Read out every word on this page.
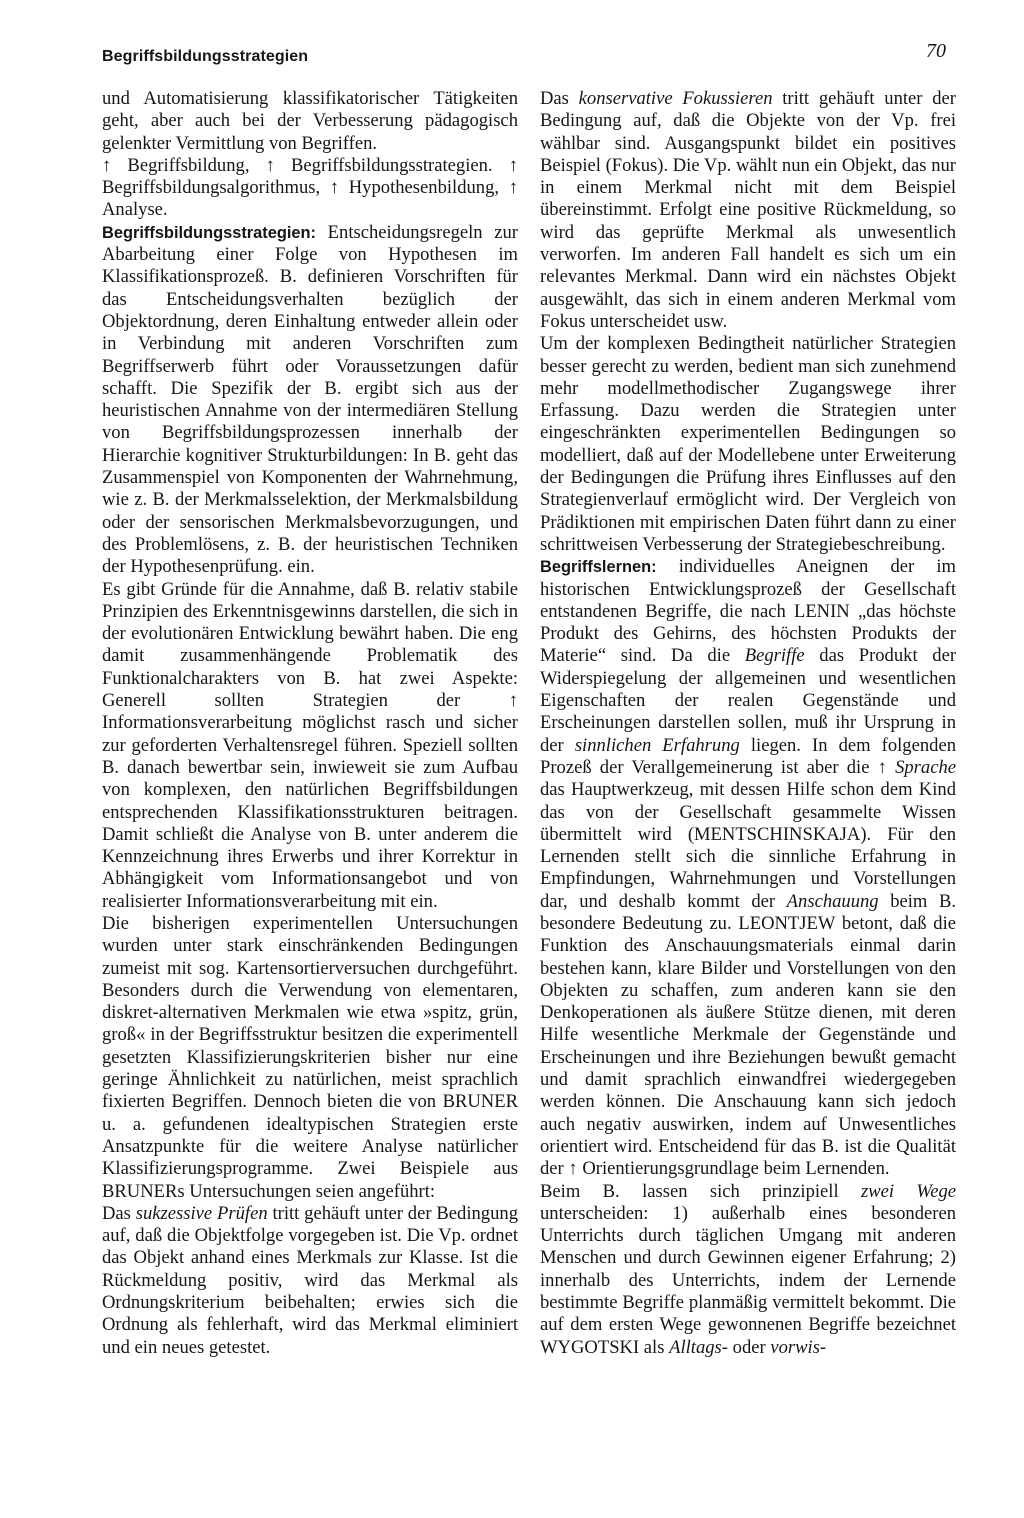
Begriffsbildungsstrategien	70

und Automatisierung klassifikatorischer Tätigkeiten geht, aber auch bei der Verbesserung pädagogisch gelenkter Vermittlung von Begriffen.

↑ Begriffsbildung, ↑ Begriffsbildungsstrategien. ↑ Begriffsbildungsalgorithmus, ↑ Hypothesenbildung, ↑ Analyse.

Begriffsbildungsstrategien: Entscheidungsregeln zur Abarbeitung einer Folge von Hypothesen im Klassifikationsprozeß. B. definieren Vorschriften für das Entscheidungsverhalten bezüglich der Objektordnung, deren Einhaltung entweder allein oder in Verbindung mit anderen Vorschriften zum Begriffserwerb führt oder Voraussetzungen dafür schafft. Die Spezifik der B. ergibt sich aus der heuristischen Annahme von der intermediären Stellung von Begriffsbildungsprozessen innerhalb der Hierarchie kognitiver Strukturbildungen: In B. geht das Zusammenspiel von Komponenten der Wahrnehmung, wie z. B. der Merkmalsselektion, der Merkmalsbildung oder der sensorischen Merkmalsbevorzugungen, und des Problemlösens, z. B. der heuristischen Techniken der Hypothesenprüfung. ein.

Es gibt Gründe für die Annahme, daß B. relativ stabile Prinzipien des Erkenntnisgewinns darstellen, die sich in der evolutionären Entwicklung bewährt haben. Die eng damit zusammenhängende Problematik des Funktionalcharakters von B. hat zwei Aspekte: Generell sollten Strategien der ↑ Informationsverarbeitung möglichst rasch und sicher zur geforderten Verhaltensregel führen. Speziell sollten B. danach bewertbar sein, inwieweit sie zum Aufbau von komplexen, den natürlichen Begriffsbildungen entsprechenden Klassifikationsstrukturen beitragen. Damit schließt die Analyse von B. unter anderem die Kennzeichnung ihres Erwerbs und ihrer Korrektur in Abhängigkeit vom Informationsangebot und von realisierter Informationsverarbeitung mit ein.

Die bisherigen experimentellen Untersuchungen wurden unter stark einschränkenden Bedingungen zumeist mit sog. Kartensortierversuchen durchgeführt. Besonders durch die Verwendung von elementaren, diskret-alternativen Merkmalen wie etwa »spitz, grün, groß« in der Begriffsstruktur besitzen die experimentell gesetzten Klassifizierungskriterien bisher nur eine geringe Ähnlichkeit zu natürlichen, meist sprachlich fixierten Begriffen. Dennoch bieten die von BRUNER u. a. gefundenen idealtypischen Strategien erste Ansatzpunkte für die weitere Analyse natürlicher Klassifizierungsprogramme. Zwei Beispiele aus BRUNERs Untersuchungen seien angeführt:

Das sukzessive Prüfen tritt gehäuft unter der Bedingung auf, daß die Objektfolge vorgegeben ist. Die Vp. ordnet das Objekt anhand eines Merkmals zur Klasse. Ist die Rückmeldung positiv, wird das Merkmal als Ordnungskriterium beibehalten; erwies sich die Ordnung als fehlerhaft, wird das Merkmal eliminiert und ein neues getestet.

Das konservative Fokussieren tritt gehäuft unter der Bedingung auf, daß die Objekte von der Vp. frei wählbar sind. Ausgangspunkt bildet ein positives Beispiel (Fokus). Die Vp. wählt nun ein Objekt, das nur in einem Merkmal nicht mit dem Beispiel übereinstimmt. Erfolgt eine positive Rückmeldung, so wird das geprüfte Merkmal als unwesentlich verworfen. Im anderen Fall handelt es sich um ein relevantes Merkmal. Dann wird ein nächstes Objekt ausgewählt, das sich in einem anderen Merkmal vom Fokus unterscheidet usw.

Um der komplexen Bedingtheit natürlicher Strategien besser gerecht zu werden, bedient man sich zunehmend mehr modellmethodischer Zugangswege ihrer Erfassung. Dazu werden die Strategien unter eingeschränkten experimentellen Bedingungen so modelliert, daß auf der Modellebene unter Erweiterung der Bedingungen die Prüfung ihres Einflusses auf den Strategienverlauf ermöglicht wird. Der Vergleich von Prädiktionen mit empirischen Daten führt dann zu einer schrittweisen Verbesserung der Strategiebeschreibung.

Begriffslernen: individuelles Aneignen der im historischen Entwicklungsprozeß der Gesellschaft entstandenen Begriffe, die nach LENIN „das höchste Produkt des Gehirns, des höchsten Produkts der Materie“ sind. Da die Begriffe das Produkt der Widerspiegelung der allgemeinen und wesentlichen Eigenschaften der realen Gegenstände und Erscheinungen darstellen sollen, muß ihr Ursprung in der sinnlichen Erfahrung liegen. In dem folgenden Prozeß der Verallgemeinerung ist aber die ↑ Sprache das Hauptwerkzeug, mit dessen Hilfe schon dem Kind das von der Gesellschaft gesammelte Wissen übermittelt wird (MENTSCHINSKAJA). Für den Lernenden stellt sich die sinnliche Erfahrung in Empfindungen, Wahrnehmungen und Vorstellungen dar, und deshalb kommt der Anschauung beim B. besondere Bedeutung zu. LEONTJEW betont, daß die Funktion des Anschauungsmaterials einmal darin bestehen kann, klare Bilder und Vorstellungen von den Objekten zu schaffen, zum anderen kann sie den Denkoperationen als äußere Stütze dienen, mit deren Hilfe wesentliche Merkmale der Gegenstände und Erscheinungen und ihre Beziehungen bewußt gemacht und damit sprachlich einwandfrei wiedergegeben werden können. Die Anschauung kann sich jedoch auch negativ auswirken, indem auf Unwesentliches orientiert wird. Entscheidend für das B. ist die Qualität der ↑ Orientierungsgrundlage beim Lernenden.

Beim B. lassen sich prinzipiell zwei Wege unterscheiden: 1) außerhalb eines besonderen Unterrichts durch täglichen Umgang mit anderen Menschen und durch Gewinnen eigener Erfahrung; 2) innerhalb des Unterrichts, indem der Lernende bestimmte Begriffe planmäßig vermittelt bekommt. Die auf dem ersten Wege gewonnenen Begriffe bezeichnet WYGOTSKI als Alltags- oder vorwis-
